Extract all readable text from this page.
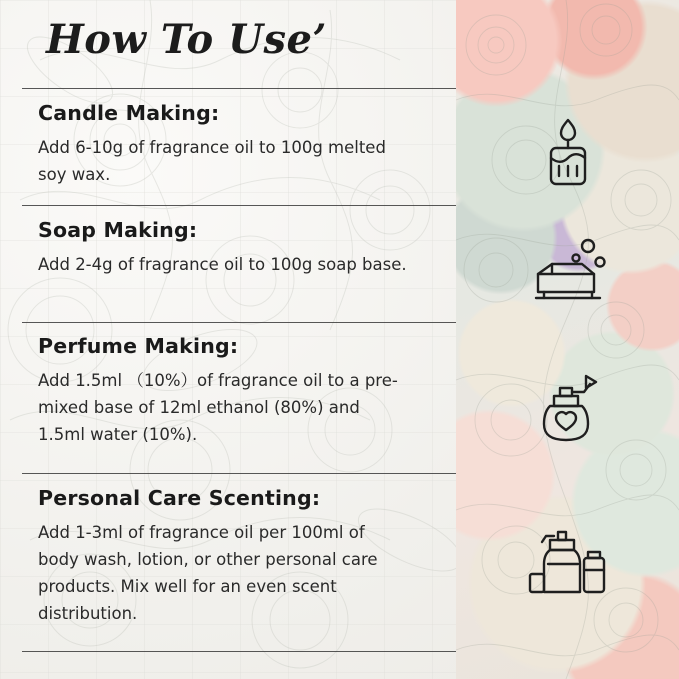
How To Use’

Candle Making:

Add 6-10g of fragrance oil to 100g melted soy wax.

Soap Making:

Add 2-4g of fragrance oil to 100g soap base.

Perfume Making:

Add 1.5ml （10%）of fragrance oil to a pre-mixed base of 12ml ethanol (80%) and 1.5ml water (10%).

Personal Care Scenting:

Add 1-3ml of fragrance oil per 100ml of body wash, lotion, or other personal care products. Mix well for an even scent distribution.
